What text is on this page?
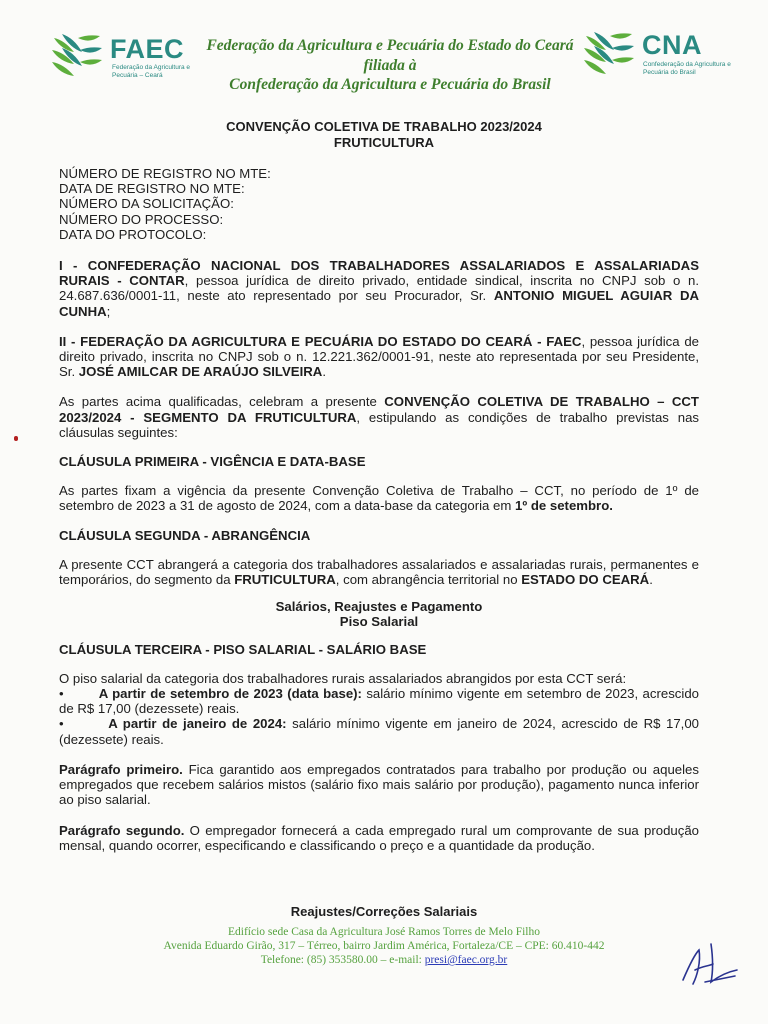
FAEC
Federação da Agricultura e Pecuária – Ceará
Federação da Agricultura e Pecuária do Estado do Ceará
filiada à
Confederação da Agricultura e Pecuária do Brasil
CNA
Confederação da Agricultura e Pecuária do Brasil
CONVENÇÃO COLETIVA DE TRABALHO 2023/2024
FRUTICULTURA
NÚMERO DE REGISTRO NO MTE:
DATA DE REGISTRO NO MTE:
NÚMERO DA SOLICITAÇÃO:
NÚMERO DO PROCESSO:
DATA DO PROTOCOLO:

I - CONFEDERAÇÃO NACIONAL DOS TRABALHADORES ASSALARIADOS E ASSALARIADAS RURAIS - CONTAR, pessoa jurídica de direito privado, entidade sindical, inscrita no CNPJ sob o n. 24.687.636/0001-11, neste ato representado por seu Procurador, Sr. ANTONIO MIGUEL AGUIAR DA CUNHA;

II - FEDERAÇÃO DA AGRICULTURA E PECUÁRIA DO ESTADO DO CEARÁ - FAEC, pessoa jurídica de direito privado, inscrita no CNPJ sob o n. 12.221.362/0001-91, neste ato representada por seu Presidente, Sr. JOSÉ AMILCAR DE ARAÚJO SILVEIRA.

As partes acima qualificadas, celebram a presente CONVENÇÃO COLETIVA DE TRABALHO – CCT 2023/2024 - SEGMENTO DA FRUTICULTURA, estipulando as condições de trabalho previstas nas cláusulas seguintes:

CLÁUSULA PRIMEIRA - VIGÊNCIA E DATA-BASE

As partes fixam a vigência da presente Convenção Coletiva de Trabalho – CCT, no período de 1º de setembro de 2023 a 31 de agosto de 2024, com a data-base da categoria em 1º de setembro.

CLÁUSULA SEGUNDA - ABRANGÊNCIA

A presente CCT abrangerá a categoria dos trabalhadores assalariados e assalariadas rurais, permanentes e temporários, do segmento da FRUTICULTURA, com abrangência territorial no ESTADO DO CEARÁ.

Salários, Reajustes e Pagamento
Piso Salarial
CLÁUSULA TERCEIRA - PISO SALARIAL - SALÁRIO BASE

O piso salarial da categoria dos trabalhadores rurais assalariados abrangidos por esta CCT será:

•        A partir de setembro de 2023 (data base): salário mínimo vigente em setembro de 2023, acrescido de R$ 17,00 (dezessete) reais.

•        A partir de janeiro de 2024: salário mínimo vigente em janeiro de 2024, acrescido de R$ 17,00 (dezessete) reais.

Parágrafo primeiro. Fica garantido aos empregados contratados para trabalho por produção ou aqueles empregados que recebem salários mistos (salário fixo mais salário por produção), pagamento nunca inferior ao piso salarial.

Parágrafo segundo. O empregador fornecerá a cada empregado rural um comprovante de sua produção mensal, quando ocorrer, especificando e classificando o preço e a quantidade da produção.

Reajustes/Correções Salariais
Edifício sede Casa da Agricultura José Ramos Torres de Melo Filho
Avenida Eduardo Girão, 317 – Térreo, bairro Jardim América, Fortaleza/CE – CPE: 60.410-442
Telefone: (85) 353580.00 – e-mail: presi@faec.org.br
